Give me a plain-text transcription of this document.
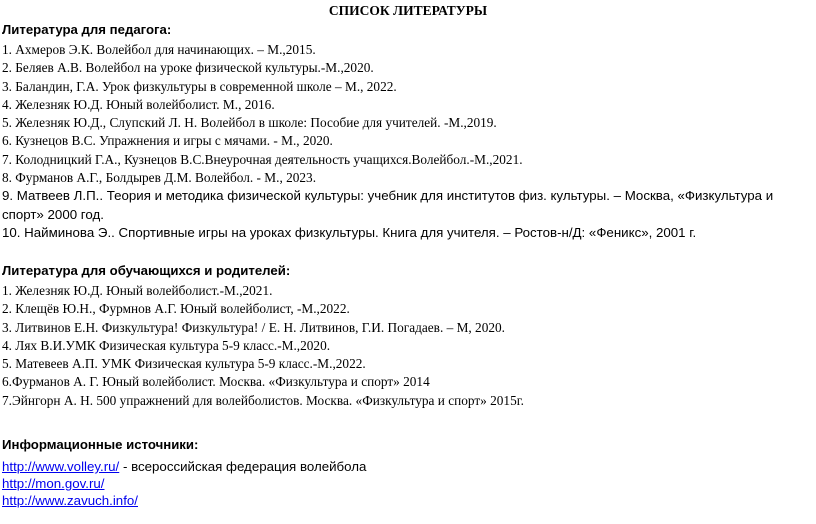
СПИСОК ЛИТЕРАТУРЫ
Литература для педагога:
1. Ахмеров Э.К. Волейбол для начинающих. – М.,2015.
2. Беляев А.В. Волейбол на уроке физической культуры.-М.,2020.
3. Баландин, Г.А. Урок физкультуры в современной школе – М., 2022.
4. Железняк Ю.Д. Юный волейболист. М., 2016.
5. Железняк Ю.Д., Слупский Л. Н. Волейбол в школе: Пособие для учителей. -М.,2019.
6. Кузнецов В.С. Упражнения и игры с мячами. - М., 2020.
7. Колодницкий Г.А., Кузнецов В.С.Внеурочная деятельность учащихся.Волейбол.-М.,2021.
8. Фурманов А.Г., Болдырев Д.М. Волейбол. - М., 2023.
9. Матвеев Л.П.. Теория и методика физической культуры: учебник для институтов физ. культуры. – Москва, «Физкультура и спорт» 2000 год.
10. Найминова Э.. Спортивные игры на уроках физкультуры. Книга для учителя. – Ростов-н/Д: «Феникс», 2001 г.
Литература для обучающихся и родителей:
1. Железняк Ю.Д. Юный волейболист.-М.,2021.
2. Клещёв Ю.Н., Фурмнов А.Г. Юный волейболист, -М.,2022.
3. Литвинов Е.Н. Физкультура! Физкультура! / Е. Н. Литвинов, Г.И. Погадаев. – М, 2020.
4. Лях В.И.УМК Физическая культура 5-9 класс.-М.,2020.
5. Матевеев А.П. УМК Физическая культура 5-9 класс.-М.,2022.
6.Фурманов А. Г. Юный волейболист. Москва. «Физкультура и спорт» 2014
7.Эйнгорн А. Н. 500 упражнений для волейболистов. Москва. «Физкультура и спорт» 2015г.
Информационные источники:
http://www.volley.ru/ - всероссийская федерация волейбола
http://mon.gov.ru/
http://www.zavuch.info/
